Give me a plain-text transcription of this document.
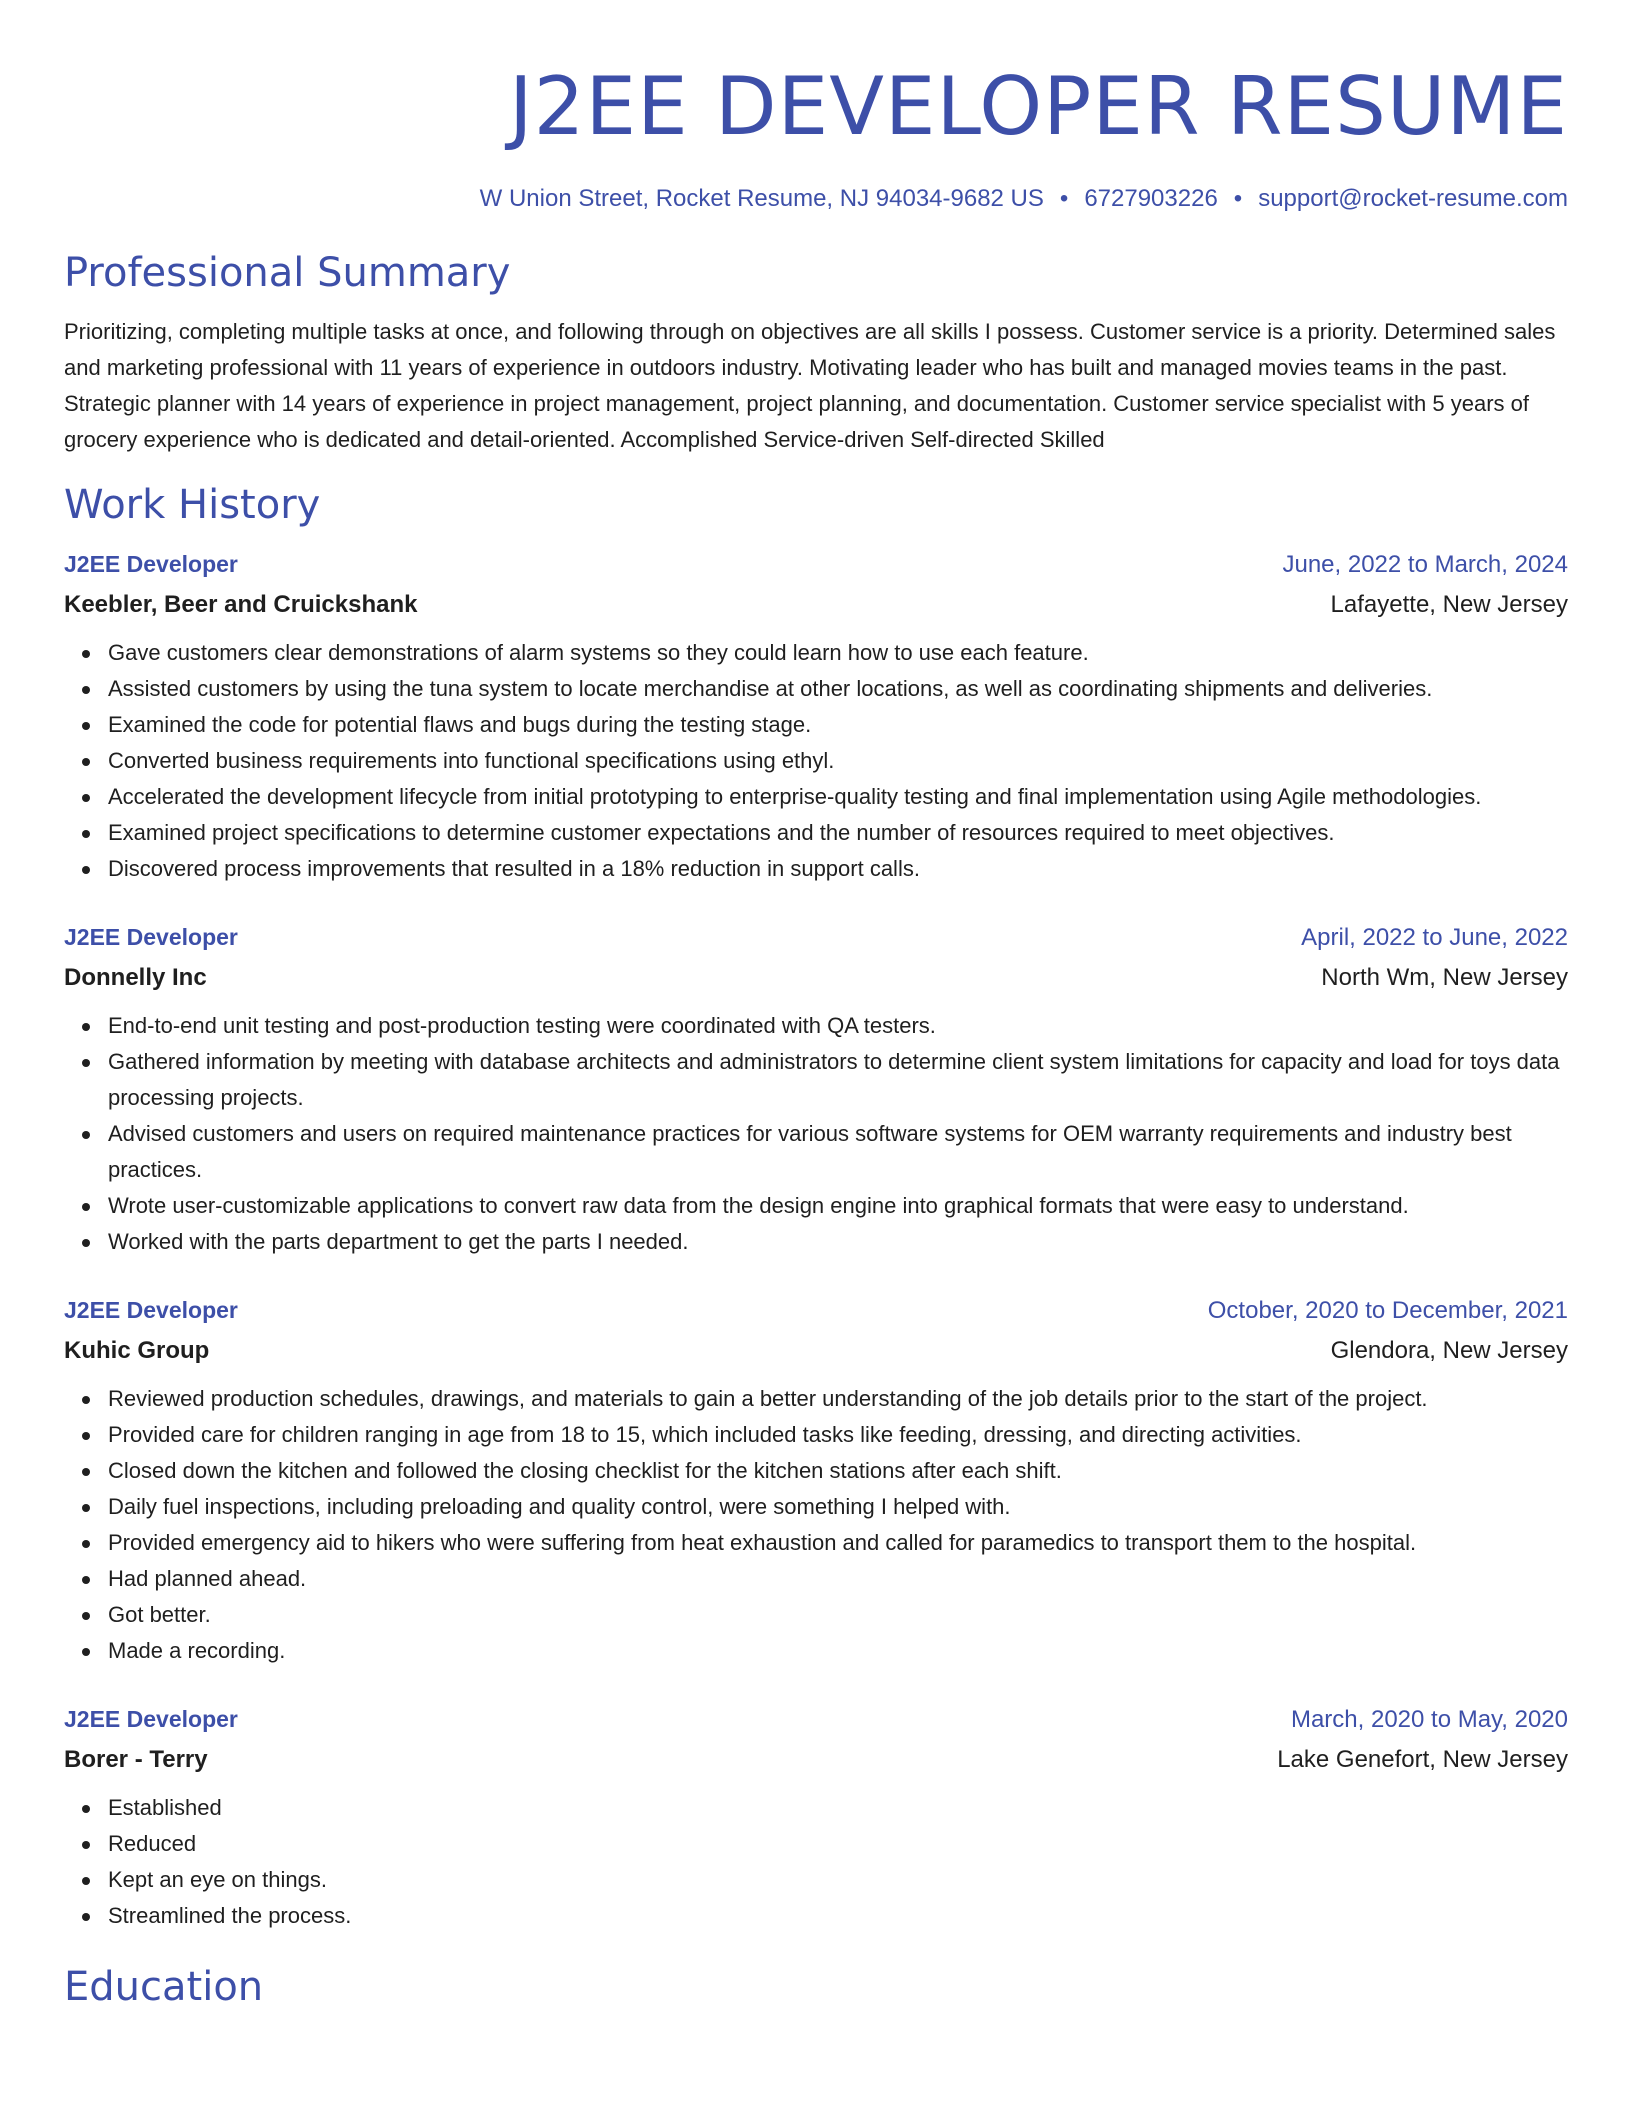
J2EE DEVELOPER RESUME
W Union Street, Rocket Resume, NJ 94034-9682 US • 6727903226 • support@rocket-resume.com
Professional Summary
Prioritizing, completing multiple tasks at once, and following through on objectives are all skills I possess. Customer service is a priority. Determined sales and marketing professional with 11 years of experience in outdoors industry. Motivating leader who has built and managed movies teams in the past. Strategic planner with 14 years of experience in project management, project planning, and documentation. Customer service specialist with 5 years of grocery experience who is dedicated and detail-oriented. Accomplished Service-driven Self-directed Skilled
Work History
J2EE Developer	June, 2022 to March, 2024
Keebler, Beer and Cruickshank	Lafayette, New Jersey
Gave customers clear demonstrations of alarm systems so they could learn how to use each feature.
Assisted customers by using the tuna system to locate merchandise at other locations, as well as coordinating shipments and deliveries.
Examined the code for potential flaws and bugs during the testing stage.
Converted business requirements into functional specifications using ethyl.
Accelerated the development lifecycle from initial prototyping to enterprise-quality testing and final implementation using Agile methodologies.
Examined project specifications to determine customer expectations and the number of resources required to meet objectives.
Discovered process improvements that resulted in a 18% reduction in support calls.
J2EE Developer	April, 2022 to June, 2022
Donnelly Inc	North Wm, New Jersey
End-to-end unit testing and post-production testing were coordinated with QA testers.
Gathered information by meeting with database architects and administrators to determine client system limitations for capacity and load for toys data processing projects.
Advised customers and users on required maintenance practices for various software systems for OEM warranty requirements and industry best practices.
Wrote user-customizable applications to convert raw data from the design engine into graphical formats that were easy to understand.
Worked with the parts department to get the parts I needed.
J2EE Developer	October, 2020 to December, 2021
Kuhic Group	Glendora, New Jersey
Reviewed production schedules, drawings, and materials to gain a better understanding of the job details prior to the start of the project.
Provided care for children ranging in age from 18 to 15, which included tasks like feeding, dressing, and directing activities.
Closed down the kitchen and followed the closing checklist for the kitchen stations after each shift.
Daily fuel inspections, including preloading and quality control, were something I helped with.
Provided emergency aid to hikers who were suffering from heat exhaustion and called for paramedics to transport them to the hospital.
Had planned ahead.
Got better.
Made a recording.
J2EE Developer	March, 2020 to May, 2020
Borer - Terry	Lake Genefort, New Jersey
Established
Reduced
Kept an eye on things.
Streamlined the process.
Education
